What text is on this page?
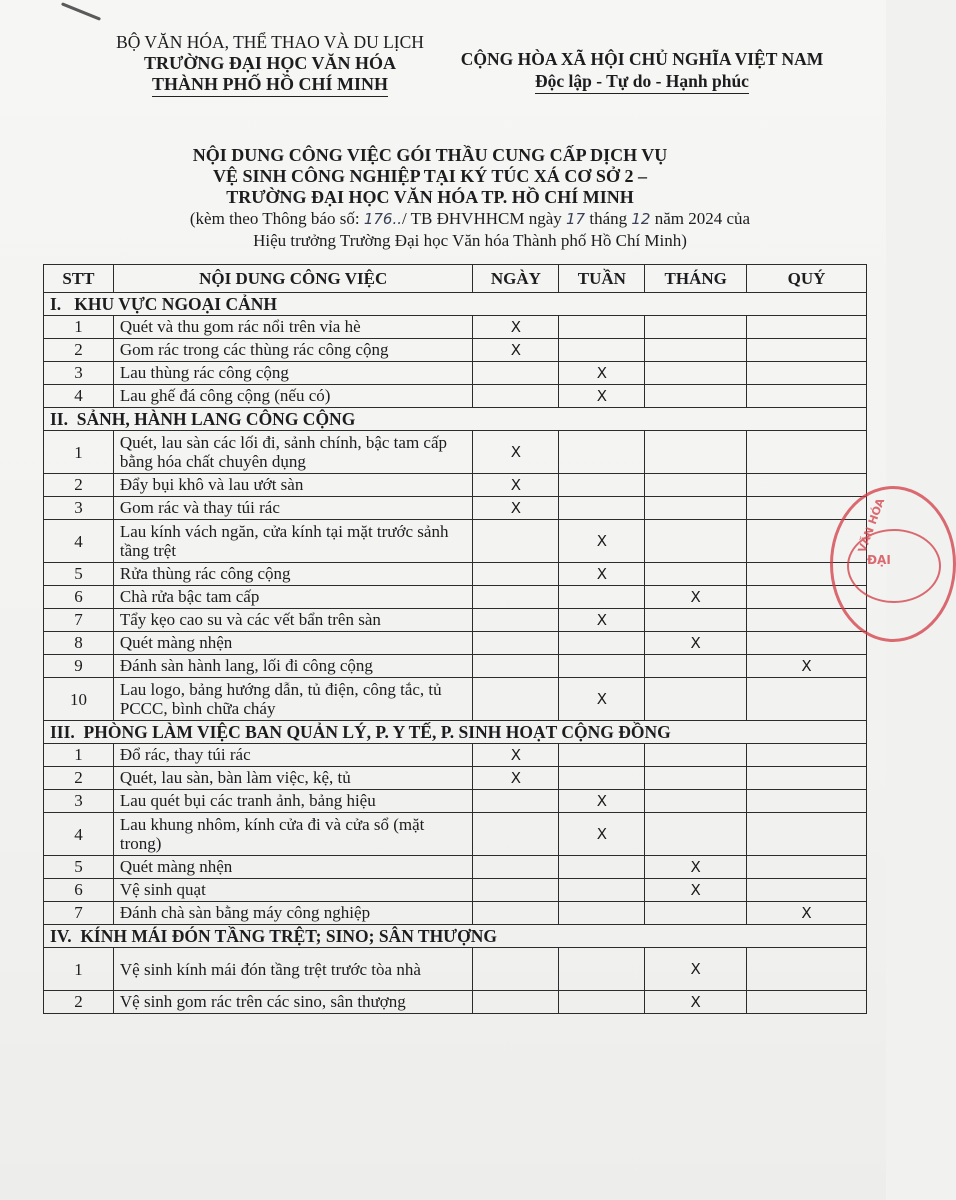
BỘ VĂN HÓA, THỂ THAO VÀ DU LỊCH
TRƯỜNG ĐẠI HỌC VĂN HÓA
THÀNH PHỐ HỒ CHÍ MINH
CỘNG HÒA XÃ HỘI CHỦ NGHĨA VIỆT NAM
Độc lập - Tự do - Hạnh phúc
NỘI DUNG CÔNG VIỆC GÓI THẦU CUNG CẤP DỊCH VỤ
VỆ SINH CÔNG NGHIỆP TẠI KÝ TÚC XÁ CƠ SỞ 2 –
TRƯỜNG ĐẠI HỌC VĂN HÓA TP. HỒ CHÍ MINH
(kèm theo Thông báo số: 176../ TB ĐHVHHCM ngày 17 tháng 12 năm 2024 của
Hiệu trưởng Trường Đại học Văn hóa Thành phố Hồ Chí Minh)
STT	NỘI DUNG CÔNG VIỆC	NGÀY	TUẦN	THÁNG	QUÝ
I.   KHU VỰC NGOẠI CẢNH					
1	Quét và thu gom rác nổi trên vỉa hè	X			
2	Gom rác trong các thùng rác công cộng	X			
3	Lau thùng rác công cộng		X		
4	Lau ghế đá công cộng (nếu có)		X		
II.  SẢNH, HÀNH LANG CÔNG CỘNG					
1	Quét, lau sàn các lối đi, sảnh chính, bậc tam cấp bằng hóa chất chuyên dụng	X			
2	Đẩy bụi khô và lau ướt sàn	X			
3	Gom rác và thay túi rác	X			
4	Lau kính vách ngăn, cửa kính tại mặt trước sảnh tầng trệt		X		
5	Rửa thùng rác công cộng		X		
6	Chà rửa bậc tam cấp			X	
7	Tẩy kẹo cao su và các vết bẩn trên sàn		X		
8	Quét màng nhện			X	
9	Đánh sàn hành lang, lối đi công cộng				X
10	Lau logo, bảng hướng dẫn, tủ điện, công tắc, tủ PCCC, bình chữa cháy		X		
III.  PHÒNG LÀM VIỆC BAN QUẢN LÝ, P. Y TẾ, P. SINH HOẠT CỘNG ĐỒNG					
1	Đổ rác, thay túi rác	X			
2	Quét, lau sàn, bàn làm việc, kệ, tủ	X			
3	Lau quét bụi các tranh ảnh, bảng hiệu		X		
4	Lau khung nhôm, kính cửa đi và cửa sổ (mặt trong)		X		
5	Quét màng nhện			X	
6	Vệ sinh quạt			X	
7	Đánh chà sàn bằng máy công nghiệp				X
IV.  KÍNH MÁI ĐÓN TẦNG TRỆT; SINO; SÂN THƯỢNG					
1	Vệ sinh kính mái đón tầng trệt trước tòa nhà			X	
2	Vệ sinh gom rác trên các sino, sân thượng			X	
VĂN HÓA
ĐẠI
